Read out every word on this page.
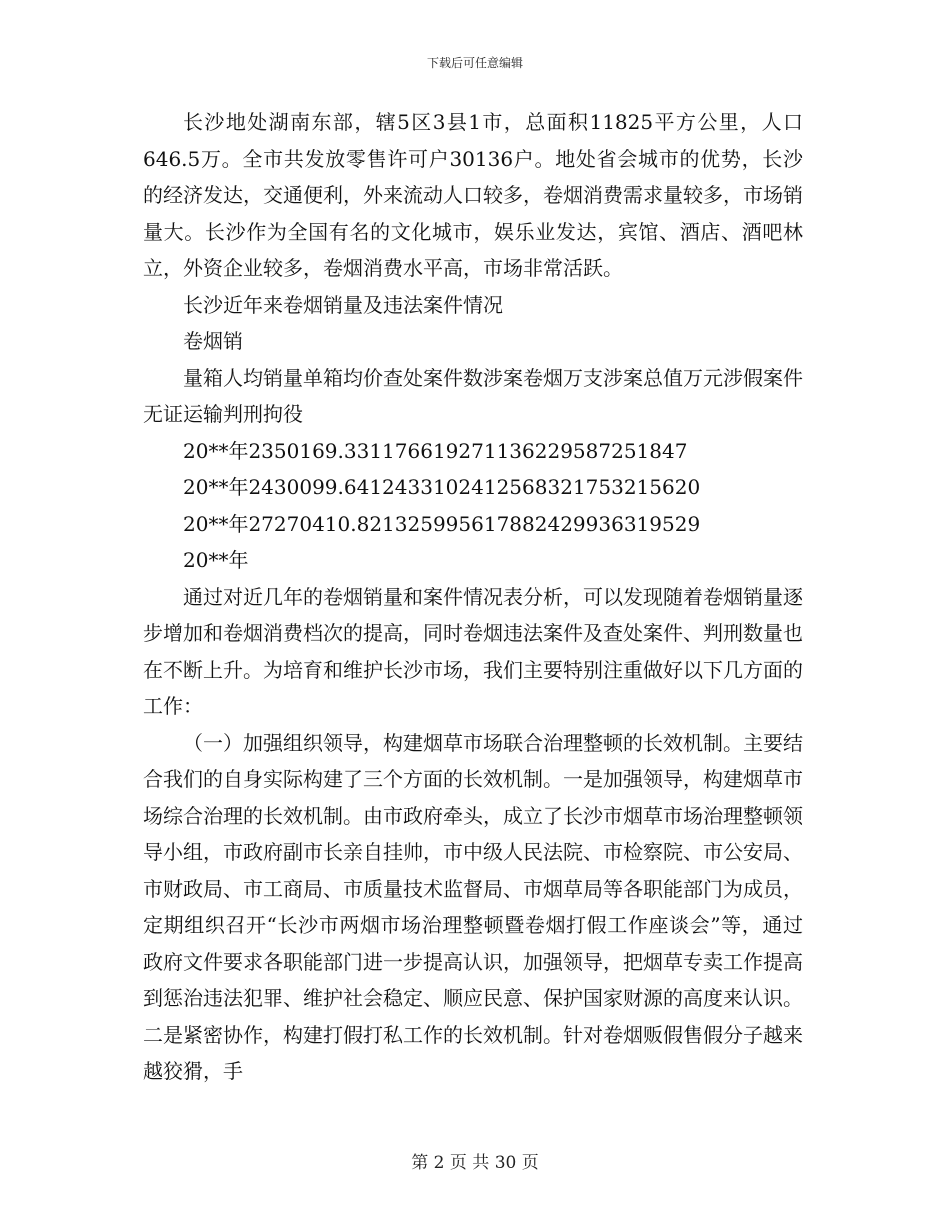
下载后可任意编辑

长沙地处湖南东部，辖5区3县1市，总面积11825平方公里，人口646.5万。全市共发放零售许可户30136户。地处省会城市的优势，长沙的经济发达，交通便利，外来流动人口较多，卷烟消费需求量较多，市场销量大。长沙作为全国有名的文化城市，娱乐业发达，宾馆、酒店、酒吧林立，外资企业较多，卷烟消费水平高，市场非常活跃。

长沙近年来卷烟销量及违法案件情况

卷烟销

量箱人均销量单箱均价查处案件数涉案卷烟万支涉案总值万元涉假案件无证运输判刑拘役

20**年2350169.3311766192711362295872518​47

20**年2430099.641243310241256832175321562​0

20**年27270410.821325995617882429936319529

20**年

通过对近几年的卷烟销量和案件情况表分析，可以发现随着卷烟销量逐步增加和卷烟消费档次的提高，同时卷烟违法案件及查处案件、判刑数量也在不断上升。为培育和维护长沙市场，我们主要特别注重做好以下几方面的工作：

（一）加强组织领导，构建烟草市场联合治理整顿的长效机制。主要结合我们的自身实际构建了三个方面的长效机制。一是加强领导，构建烟草市场综合治理的长效机制。由市政府牵头，成立了长沙市烟草市场治理整顿领导小组，市政府副市长亲自挂帅，市中级人民法院、市检察院、市公安局、市财政局、市工商局、市质量技术监督局、市烟草局等各职能部门为成员，定期组织召开“长沙市两烟市场治理整顿暨卷烟打假工作座谈会”等，通过政府文件要求各职能部门进一步提高认识，加强领导，把烟草专卖工作提高到惩治违法犯罪、维护社会稳定、顺应民意、保护国家财源的高度来认识。二是紧密协作，构建打假打私工作的长效机制。针对卷烟贩假售假分子越来越狡猾，手

第 2 页 共 30 页
